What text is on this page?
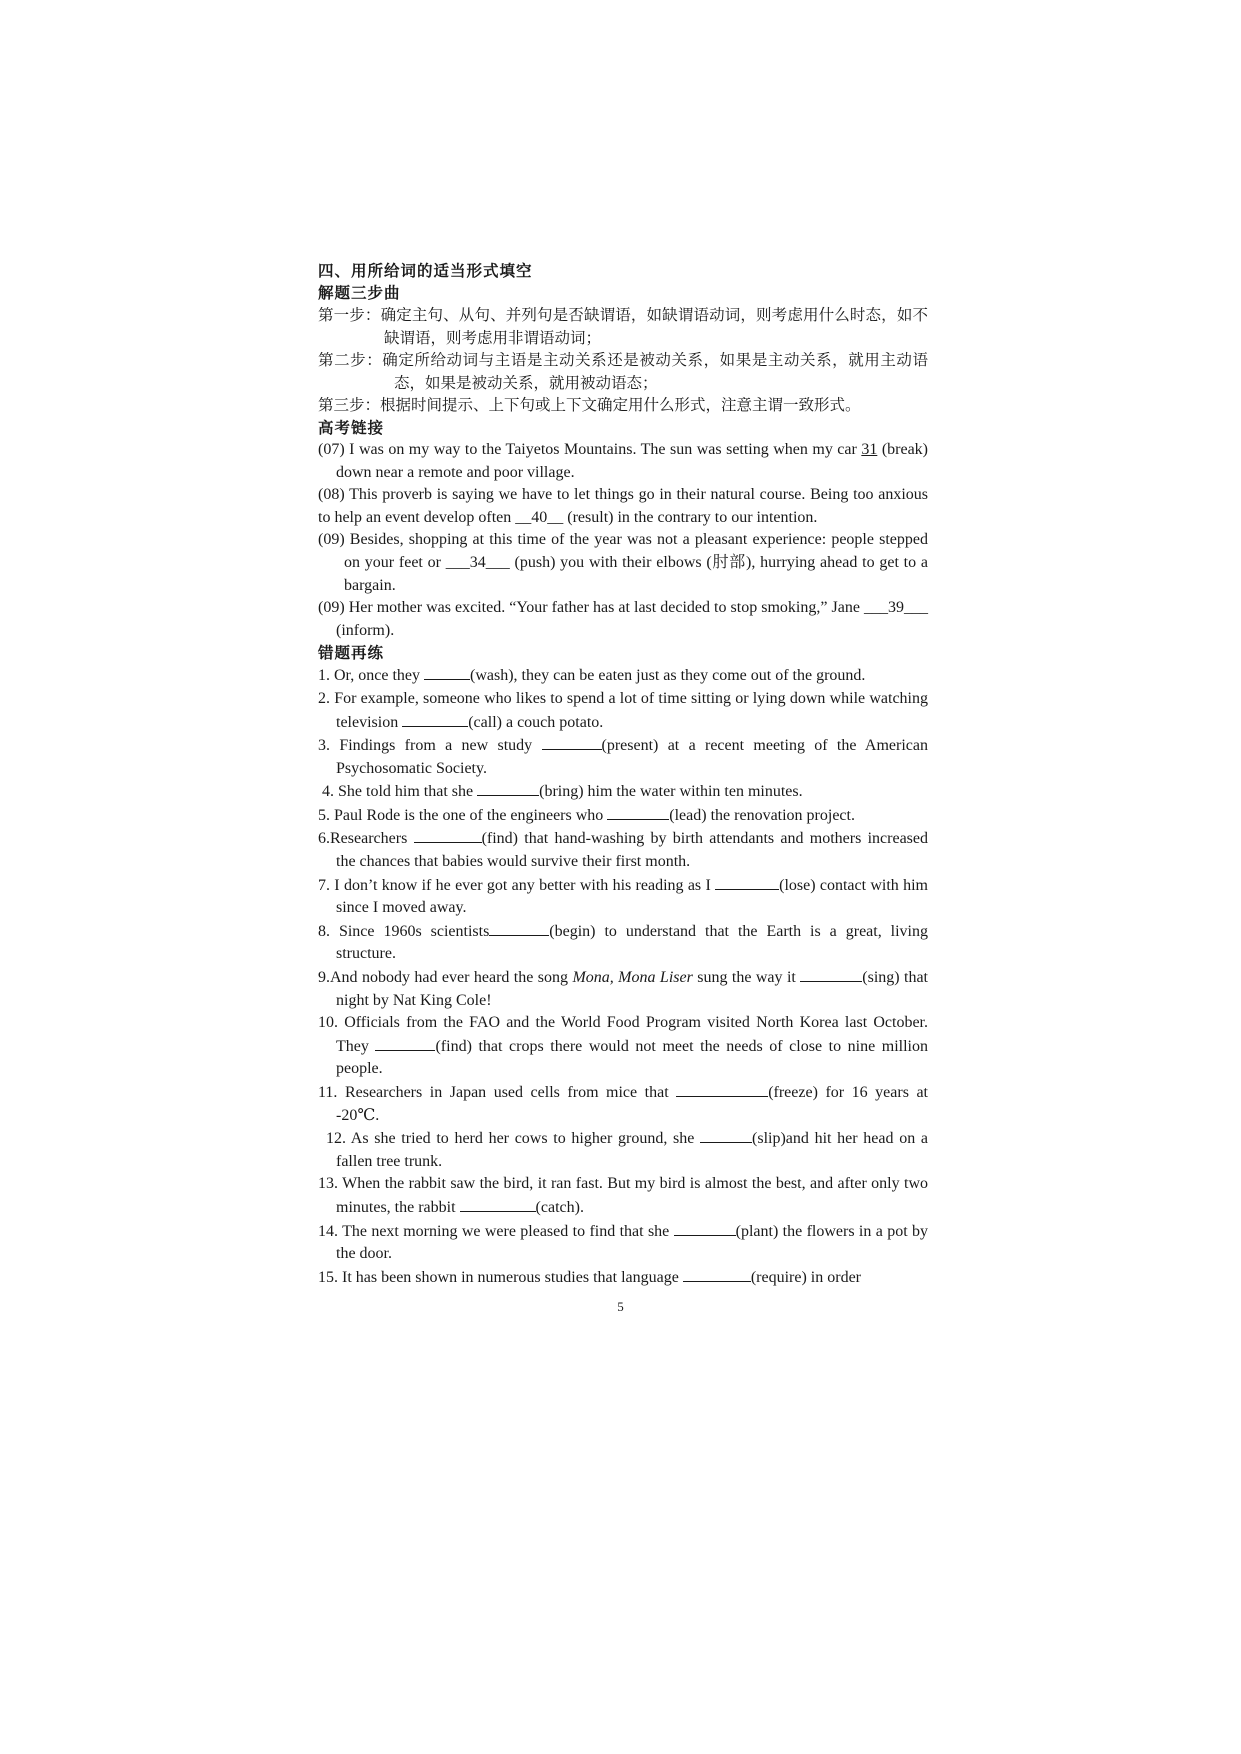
四、用所给词的适当形式填空
解题三步曲
第一步：确定主句、从句、并列句是否缺谓语，如缺谓语动词，则考虑用什么时态，如不缺谓语，则考虑用非谓语动词；
第二步：确定所给动词与主语是主动关系还是被动关系，如果是主动关系，就用主动语态，如果是被动关系，就用被动语态；
第三步：根据时间提示、上下句或上下文确定用什么形式，注意主谓一致形式。
高考链接
(07) I was on my way to the Taiyetos Mountains. The sun was setting when my car 31 (break) down near a remote and poor village.
(08) This proverb is saying we have to let things go in their natural course. Being too anxious to help an event develop often __40__ (result) in the contrary to our intention.
(09) Besides, shopping at this time of the year was not a pleasant experience: people stepped on your feet or ___34___ (push) you with their elbows (肘部), hurrying ahead to get to a bargain.
(09) Her mother was excited. “Your father has at last decided to stop smoking,” Jane ___39___ (inform).
错题再练
1. Or, once they	(wash), they can be eaten just as they come out of the ground.
2. For example, someone who likes to spend a lot of time sitting or lying down while watching television	(call) a couch potato.
3. Findings from a new study	(present) at a recent meeting of the American Psychosomatic Society.
4. She told him that she	(bring) him the water within ten minutes.
5. Paul Rode is the one of the engineers who	(lead) the renovation project.
6.Researchers	(find) that hand-washing by birth attendants and mothers increased the chances that babies would survive their first month.
7. I don’t know if he ever got any better with his reading as I	(lose) contact with him since I moved away.
8. Since 1960s scientists	(begin) to understand that the Earth is a great, living structure.
9.And nobody had ever heard the song Mona, Mona Liser sung the way it	(sing) that night by Nat King Cole!
10. Officials from the FAO and the World Food Program visited North Korea last October. They	(find) that crops there would not meet the needs of close to nine million people.
11. Researchers in Japan used cells from mice that	(freeze) for 16 years at -20℃.
12. As she tried to herd her cows to higher ground, she	(slip)and hit her head on a fallen tree trunk.
13. When the rabbit saw the bird, it ran fast. But my bird is almost the best, and after only two minutes, the rabbit	(catch).
14. The next morning we were pleased to find that she	(plant) the flowers in a pot by the door.
15. It has been shown in numerous studies that language	(require) in order
5
